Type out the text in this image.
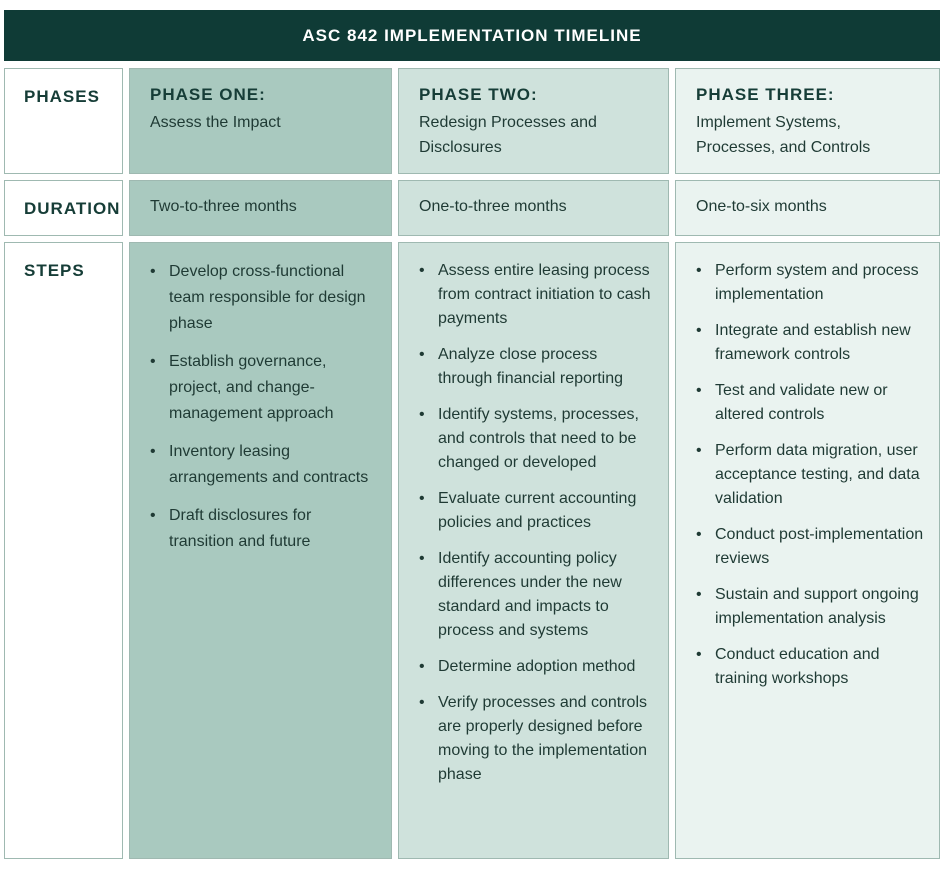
ASC 842 IMPLEMENTATION TIMELINE
PHASES
DURATION
STEPS
PHASE ONE:
Assess the Impact
Two-to-three months
• Develop cross-functional team responsible for design phase
• Establish governance, project, and change-management approach
• Inventory leasing arrangements and contracts
• Draft disclosures for transition and future
PHASE TWO:
Redesign Processes and Disclosures
One-to-three months
• Assess entire leasing process from contract initiation to cash payments
• Analyze close process through financial reporting
• Identify systems, processes, and controls that need to be changed or developed
• Evaluate current accounting policies and practices
• Identify accounting policy differences under the new standard and impacts to process and systems
• Determine adoption method
• Verify processes and controls are properly designed before moving to the implementation phase
PHASE THREE:
Implement Systems, Processes, and Controls
One-to-six months
• Perform system and process implementation
• Integrate and establish new framework controls
• Test and validate new or altered controls
• Perform data migration, user acceptance testing, and data validation
• Conduct post-implementation reviews
• Sustain and support ongoing implementation analysis
• Conduct education and training workshops
